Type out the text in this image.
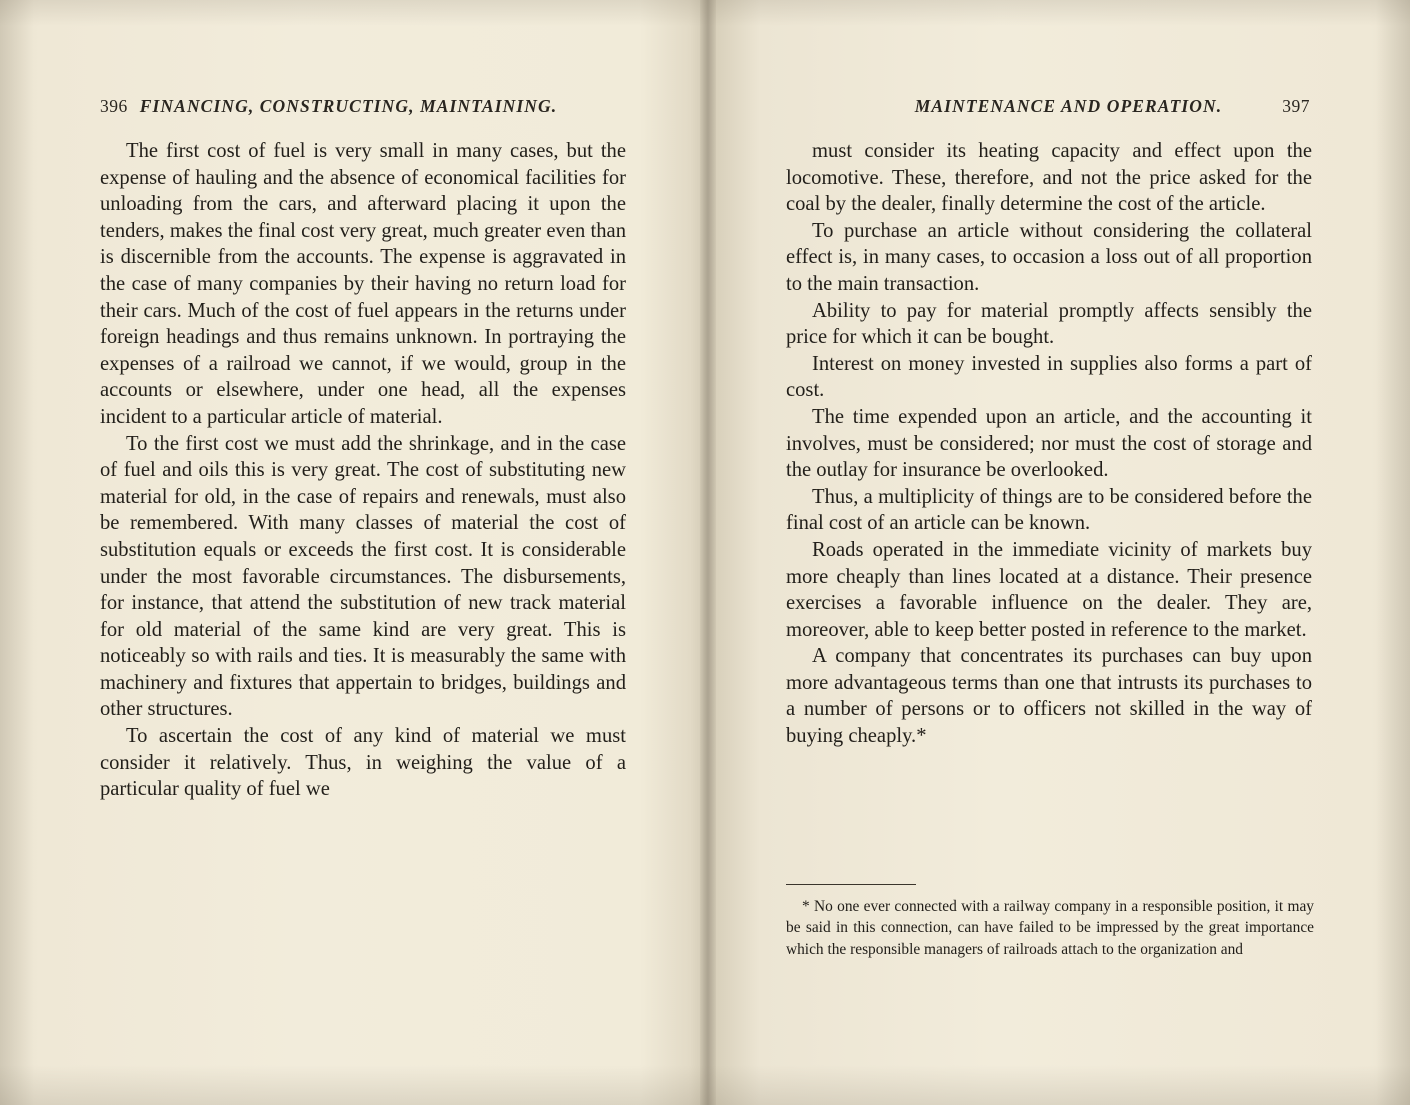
396 FINANCING, CONSTRUCTING, MAINTAINING.

The first cost of fuel is very small in many cases, but the expense of hauling and the absence of economical facilities for unloading from the cars, and afterward placing it upon the tenders, makes the final cost very great, much greater even than is discernible from the accounts. The expense is aggravated in the case of many companies by their having no return load for their cars. Much of the cost of fuel appears in the returns under foreign headings and thus remains unknown. In portraying the expenses of a railroad we cannot, if we would, group in the accounts or elsewhere, under one head, all the expenses incident to a particular article of material.

To the first cost we must add the shrinkage, and in the case of fuel and oils this is very great. The cost of substituting new material for old, in the case of repairs and renewals, must also be remembered. With many classes of material the cost of substitution equals or exceeds the first cost. It is considerable under the most favorable circumstances. The disbursements, for instance, that attend the substitution of new track material for old material of the same kind are very great. This is noticeably so with rails and ties. It is measurably the same with machinery and fixtures that appertain to bridges, buildings and other structures.

To ascertain the cost of any kind of material we must consider it relatively. Thus, in weighing the value of a particular quality of fuel we

MAINTENANCE AND OPERATION.	397

must consider its heating capacity and effect upon the locomotive. These, therefore, and not the price asked for the coal by the dealer, finally determine the cost of the article.

To purchase an article without considering the collateral effect is, in many cases, to occasion a loss out of all proportion to the main transaction.

Ability to pay for material promptly affects sensibly the price for which it can be bought.

Interest on money invested in supplies also forms a part of cost.

The time expended upon an article, and the accounting it involves, must be considered; nor must the cost of storage and the outlay for insurance be overlooked.

Thus, a multiplicity of things are to be considered before the final cost of an article can be known.

Roads operated in the immediate vicinity of markets buy more cheaply than lines located at a distance. Their presence exercises a favorable influence on the dealer. They are, moreover, able to keep better posted in reference to the market.

A company that concentrates its purchases can buy upon more advantageous terms than one that intrusts its purchases to a number of persons or to officers not skilled in the way of buying cheaply.*

* No one ever connected with a railway company in a responsible position, it may be said in this connection, can have failed to be impressed by the great importance which the responsible managers of railroads attach to the organization and
